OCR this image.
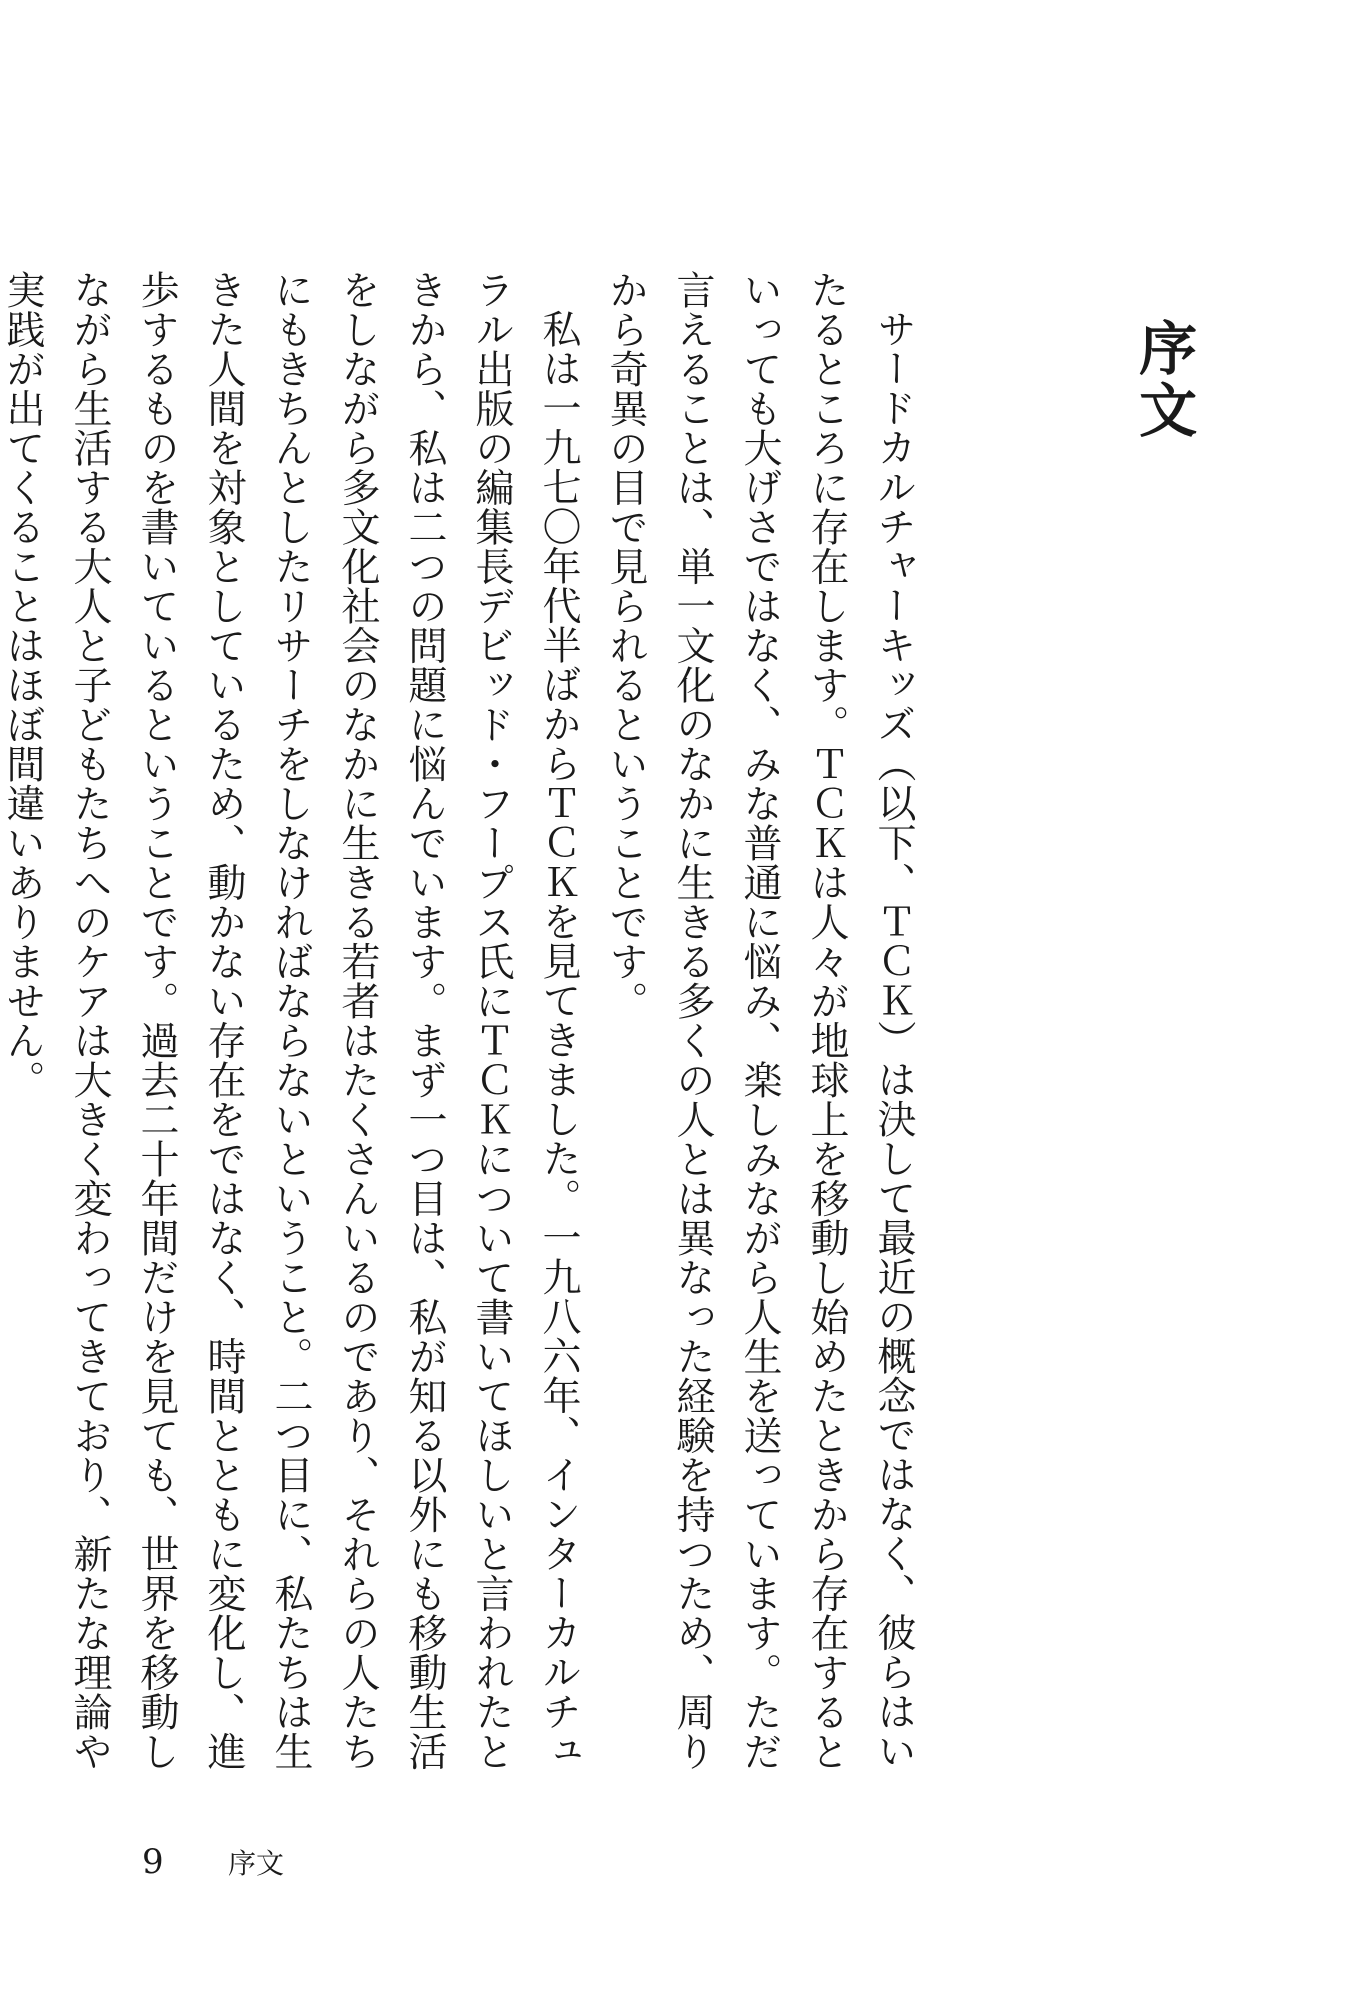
序文

サードカルチャーキッズ（以下、ＴＣＫ）は決して最近の概念ではなく、彼らはいたるところに存在します。ＴＣＫは人々が地球上を移動し始めたときから存在するといっても大げさではなく、みな普通に悩み、楽しみながら人生を送っています。ただ言えることは、単一文化のなかに生きる多くの人とは異なった経験を持つため、周りから奇異の目で見られるということです。

私は一九七〇年代半ばからＴＣＫを見てきました。一九八六年、インターカルチュラル出版の編集長デビッド・フープス氏にＴＣＫについて書いてほしいと言われたときから、私は二つの問題に悩んでいます。まず一つ目は、私が知る以外にも移動生活をしながら多文化社会のなかに生きる若者はたくさんいるのであり、それらの人たちにもきちんとしたリサーチをしなければならないということ。二つ目に、私たちは生きた人間を対象としているため、動かない存在をではなく、時間とともに変化し、進歩するものを書いているということです。過去二十年間だけを見ても、世界を移動しながら生活する大人と子どもたちへのケアは大きく変わってきており、新たな理論や実践が出てくることはほぼ間違いありません。

9	序文
